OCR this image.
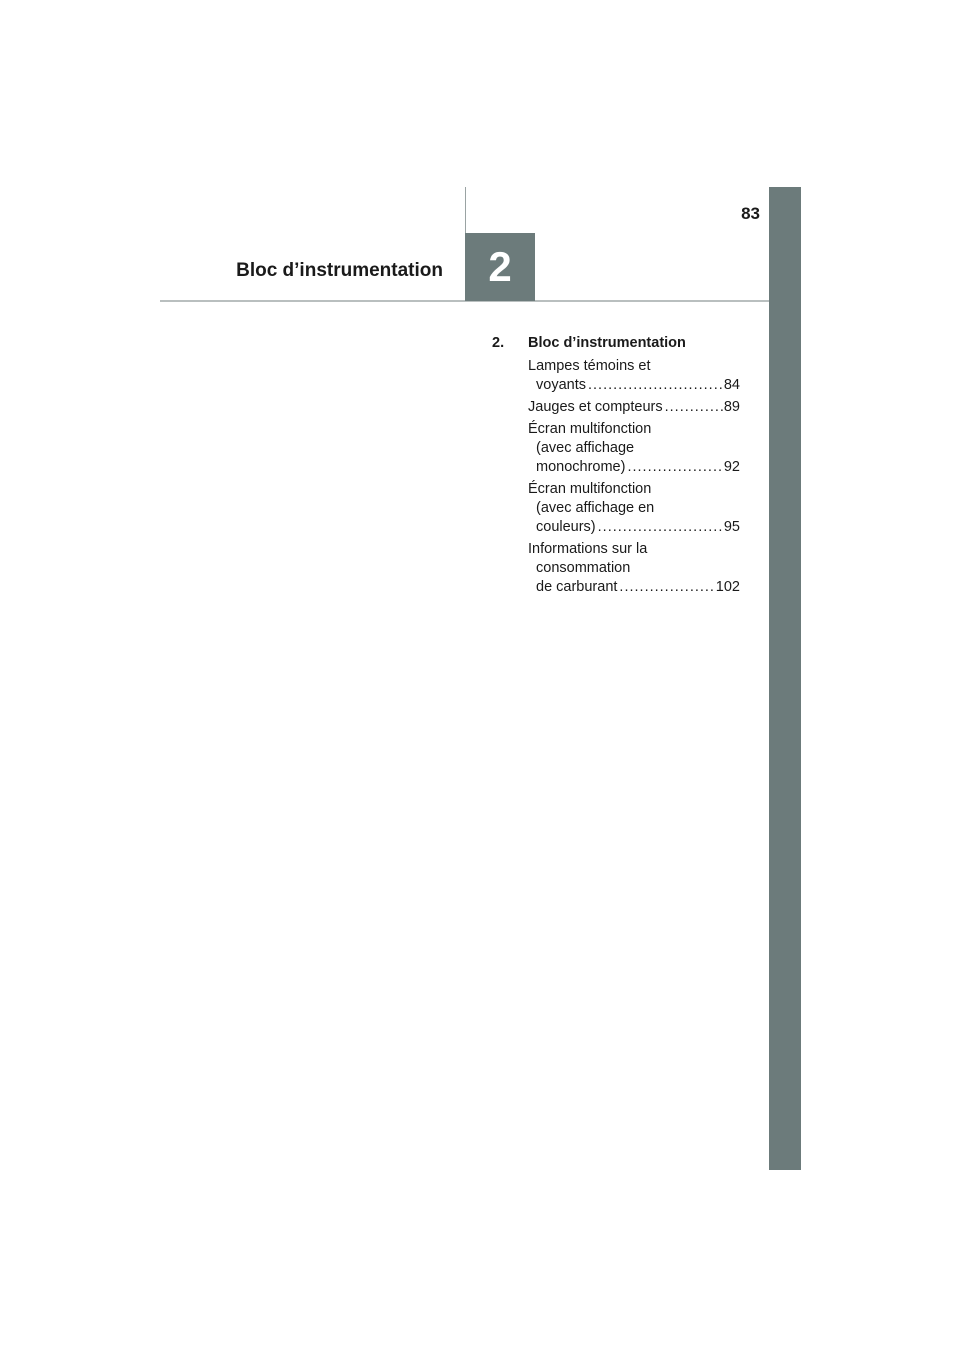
83
Bloc d’instrumentation 2
2.	Bloc d’instrumentation
Lampes témoins et
voyants .....	84
Jauges et compteurs .....	89
Écran multifonction
(avec affichage
monochrome) .....	92
Écran multifonction
(avec affichage en
couleurs) .....	95
Informations sur la
consommation
de carburant .....	102
